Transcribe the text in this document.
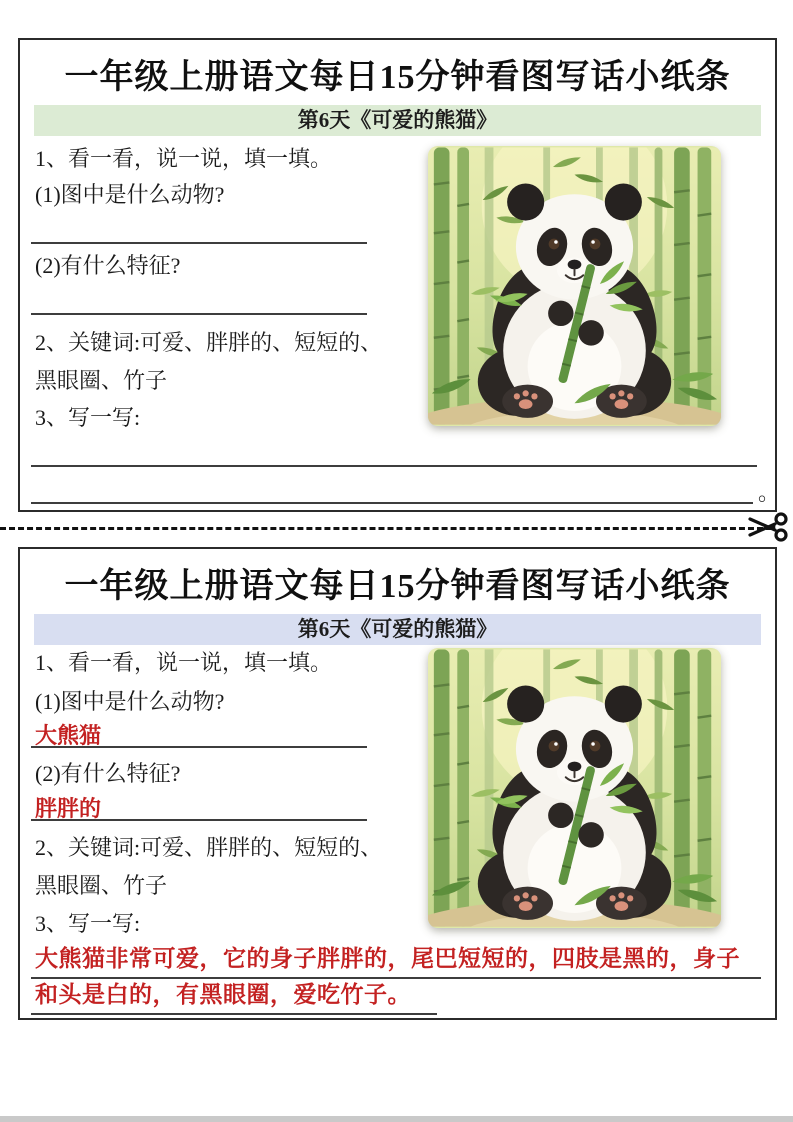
一年级上册语文每日15分钟看图写话小纸条
第6天《可爱的熊猫》
1、看一看，说一说，填一填。
(1)图中是什么动物?
(2)有什么特征?
2、关键词:可爱、胖胖的、短短的、
黑眼圈、竹子
3、写一写:
。
一年级上册语文每日15分钟看图写话小纸条
第6天《可爱的熊猫》
1、看一看，说一说，填一填。
(1)图中是什么动物?
大熊猫
(2)有什么特征?
胖胖的
2、关键词:可爱、胖胖的、短短的、
黑眼圈、竹子
3、写一写:
大熊猫非常可爱，它的身子胖胖的，尾巴短短的，四肢是黑的，身子
和头是白的，有黑眼圈，爱吃竹子。
